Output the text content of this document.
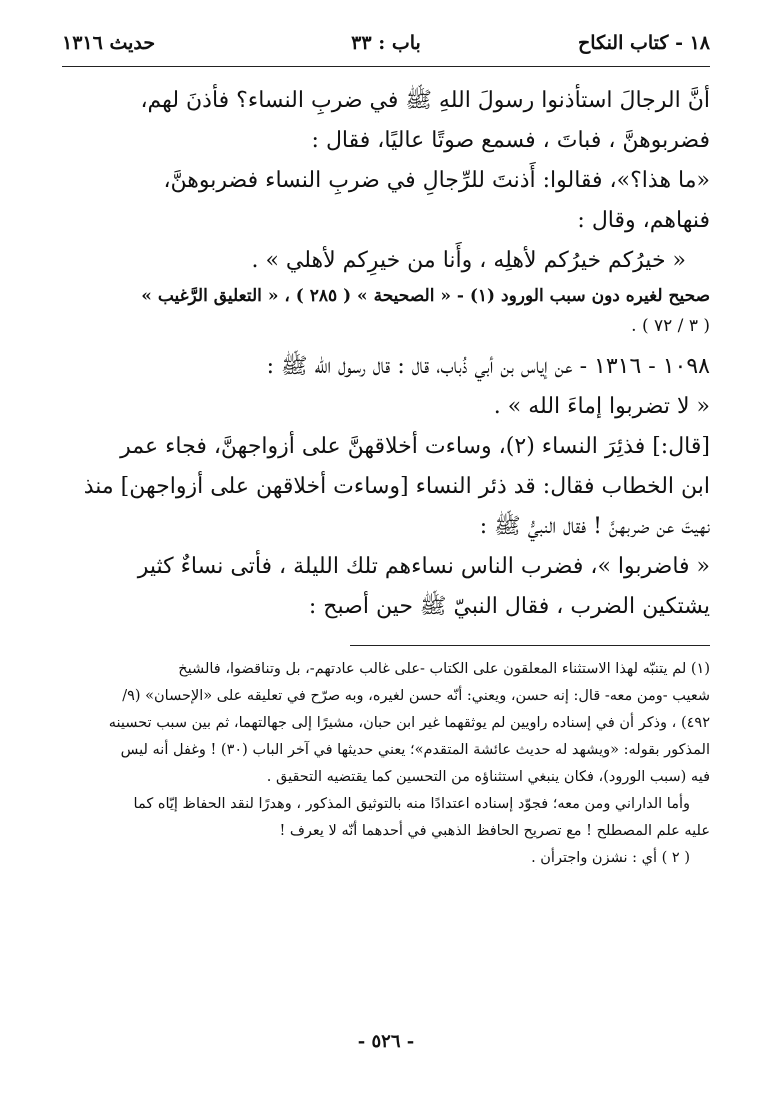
١٨ - كتاب النكاح
باب : ٣٣
حديث ١٣١٦

أنَّ الرجالَ استأذنوا رسولَ اللهِ ﷺ في ضربِ النساء؟ فأذنَ لهم،

فضربوهنَّ ، فباتَ ، فسمع صوتًا عاليًا، فقال :

«ما هذا؟»، فقالوا: أَذنتَ للرِّجالِ في ضربِ النساء فضربوهنَّ،

فنهاهم، وقال :

« خيرُكم خيرُكم لأهلِه ، وأَنا من خيرِكم لأهلي » .

صحيح لغيره دون سبب الورود (١) - « الصحيحة » ( ٢٨٥ ) ، « التعليق الرَّغيب »

( ٣ / ٧٢ ) .

١٠٩٨ - ١٣١٦ - عن إياس بن أبي ذُباب، قال : قال رسول الله ﷺ :

« لا تضربوا إماءَ الله » .

[قال:] فذئِرَ النساء (٢)، وساءت أخلاقهنَّ على أزواجهنَّ، فجاء عمر

ابن الخطاب فقال: قد ذئر النساء [وساءت أخلاقهن على أزواجهن] منذ

نهيتَ عن ضربهنَّ ! فقال النبيُّ ﷺ :

« فاضربوا »، فضرب الناس نساءهم تلك الليلة ، فأتى نساءٌ كثير

يشتكين الضرب ، فقال النبيّ ﷺ حين أصبح :

(١) لم يتنبّه لهذا الاستثناء المعلقون على الكتاب -على غالب عادتهم-، بل وتناقضوا، فالشيخ

شعيب -ومن معه- قال: إنه حسن، ويعني: أنّه حسن لغيره، وبه صرّح في تعليقه على «الإحسان» (٩/

٤٩٢) ، وذكر أن في إسناده راويين لم يوثقهما غير ابن حبان، مشيرًا إلى جهالتهما، ثم بين سبب تحسينه

المذكور بقوله: «ويشهد له حديث عائشة المتقدم»؛ يعني حديثها في آخر الباب (٣٠) ! وغفل أنه ليس

فيه (سبب الورود)، فكان ينبغي استثناؤه من التحسين كما يقتضيه التحقيق .

وأما الداراني ومن معه؛ فجوّد إسناده اعتدادًا منه بالتوثيق المذكور ، وهدرًا لنقد الحفاظ إيّاه كما

عليه علم المصطلح ! مع تصريح الحافظ الذهبي في أحدهما أنّه لا يعرف !

( ٢ ) أي : نشزن واجترأن .

- ٥٢٦ -
